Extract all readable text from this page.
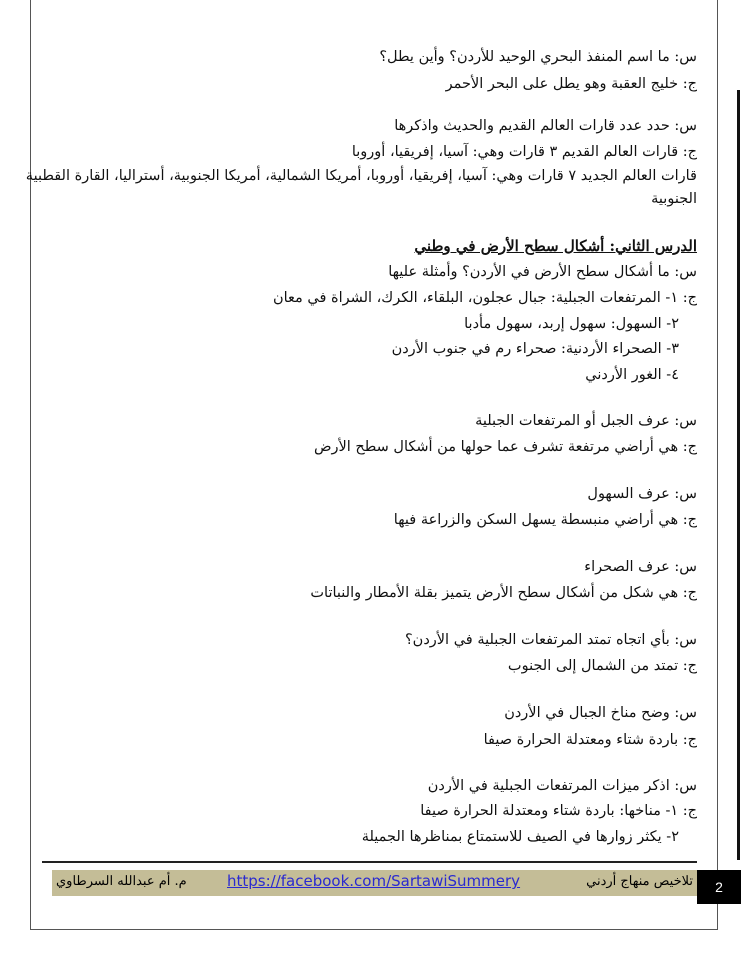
س: ما اسم المنفذ البحري الوحيد للأردن؟ وأين يطل؟
ج: خليج العقبة وهو يطل على البحر الأحمر
س: حدد عدد قارات العالم القديم والحديث واذكرها
ج: قارات العالم القديم ٣ قارات وهي: آسيا، إفريقيا، أوروبا
قارات العالم الجديد ٧ قارات وهي: آسيا، إفريقيا، أوروبا، أمريكا الشمالية، أمريكا الجنوبية، أستراليا، القارة القطبية
الجنوبية
الدرس الثاني: أشكال سطح الأرض في وطني
س: ما أشكال سطح الأرض في الأردن؟ وأمثلة عليها
ج: ١- المرتفعات الجبلية: جبال عجلون، البلقاء، الكرك، الشراة في معان
٢- السهول: سهول إربد، سهول مأدبا
٣- الصحراء الأردنية: صحراء رم في جنوب الأردن
٤- الغور الأردني
س: عرف الجبل أو المرتفعات الجبلية
ج: هي أراضي مرتفعة تشرف عما حولها من أشكال سطح الأرض
س: عرف السهول
ج: هي أراضي منبسطة يسهل السكن والزراعة فيها
س: عرف الصحراء
ج: هي شكل من أشكال سطح الأرض يتميز بقلة الأمطار والنباتات
س: بأي اتجاه تمتد المرتفعات الجبلية في الأردن؟
ج: تمتد من الشمال إلى الجنوب
س: وضح مناخ الجبال في الأردن
ج: باردة شتاء ومعتدلة الحرارة صيفا
س: اذكر ميزات المرتفعات الجبلية في الأردن
ج: ١- مناخها: باردة شتاء ومعتدلة الحرارة صيفا
٢- يكثر زوارها في الصيف للاستمتاع بمناظرها الجميلة
م. أم عبدالله السرطاوي	https://facebook.com/SartawiSummery	تلاخيص منهاج أردني	2
